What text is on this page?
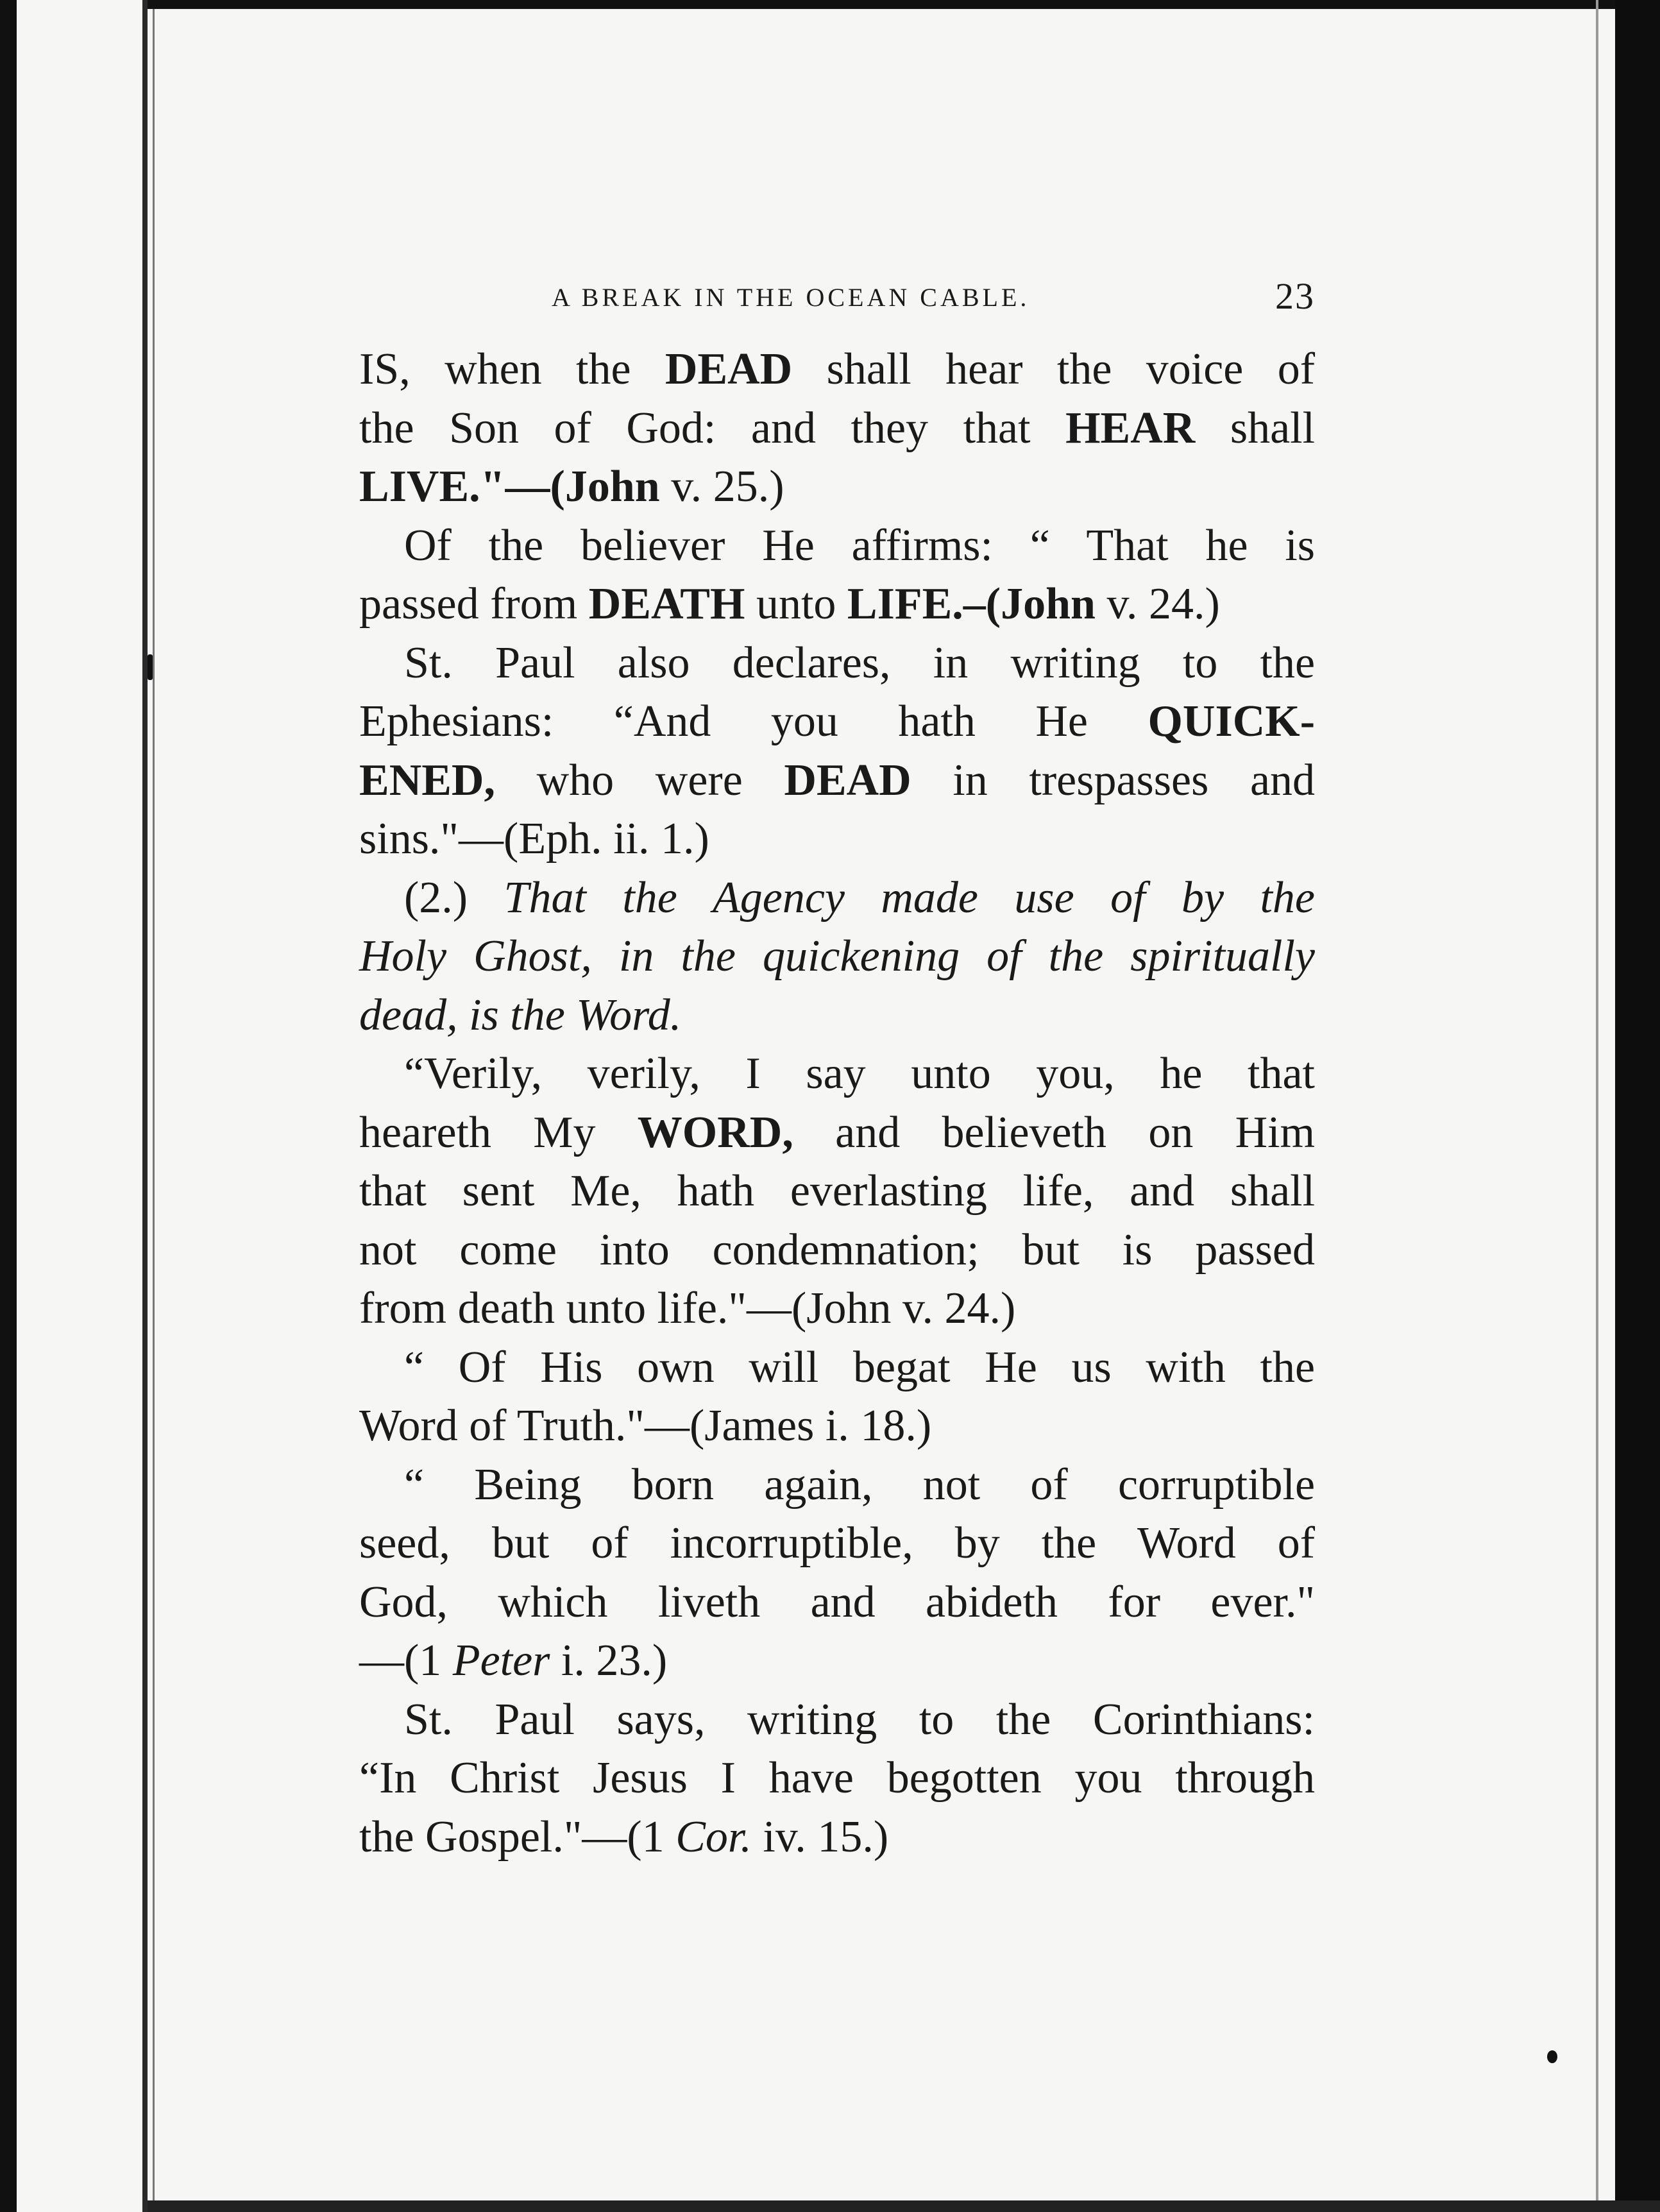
A BREAK IN THE OCEAN CABLE.	23
IS, when the DEAD shall hear the voice of
the Son of God: and they that HEAR shall
LIVE."—(John v. 25.)
Of the believer He affirms: “ That he is
passed from DEATH unto LIFE.–(John v. 24.)
St. Paul also declares, in writing to the
Ephesians: “And you hath He QUICK-
ENED, who were DEAD in trespasses and
sins."—(Eph. ii. 1.)
(2.) That the Agency made use of by the
Holy Ghost, in the quickening of the spiritually
dead, is the Word.
“Verily, verily, I say unto you, he that
heareth My WORD, and believeth on Him
that sent Me, hath everlasting life, and shall
not come into condemnation; but is passed
from death unto life."—(John v. 24.)
“ Of His own will begat He us with the
Word of Truth."—(James i. 18.)
“ Being born again, not of corruptible
seed, but of incorruptible, by the Word of
God, which liveth and abideth for ever."
—(1 Peter i. 23.)
St. Paul says, writing to the Corinthians:
“In Christ Jesus I have begotten you through
the Gospel."—(1 Cor. iv. 15.)
